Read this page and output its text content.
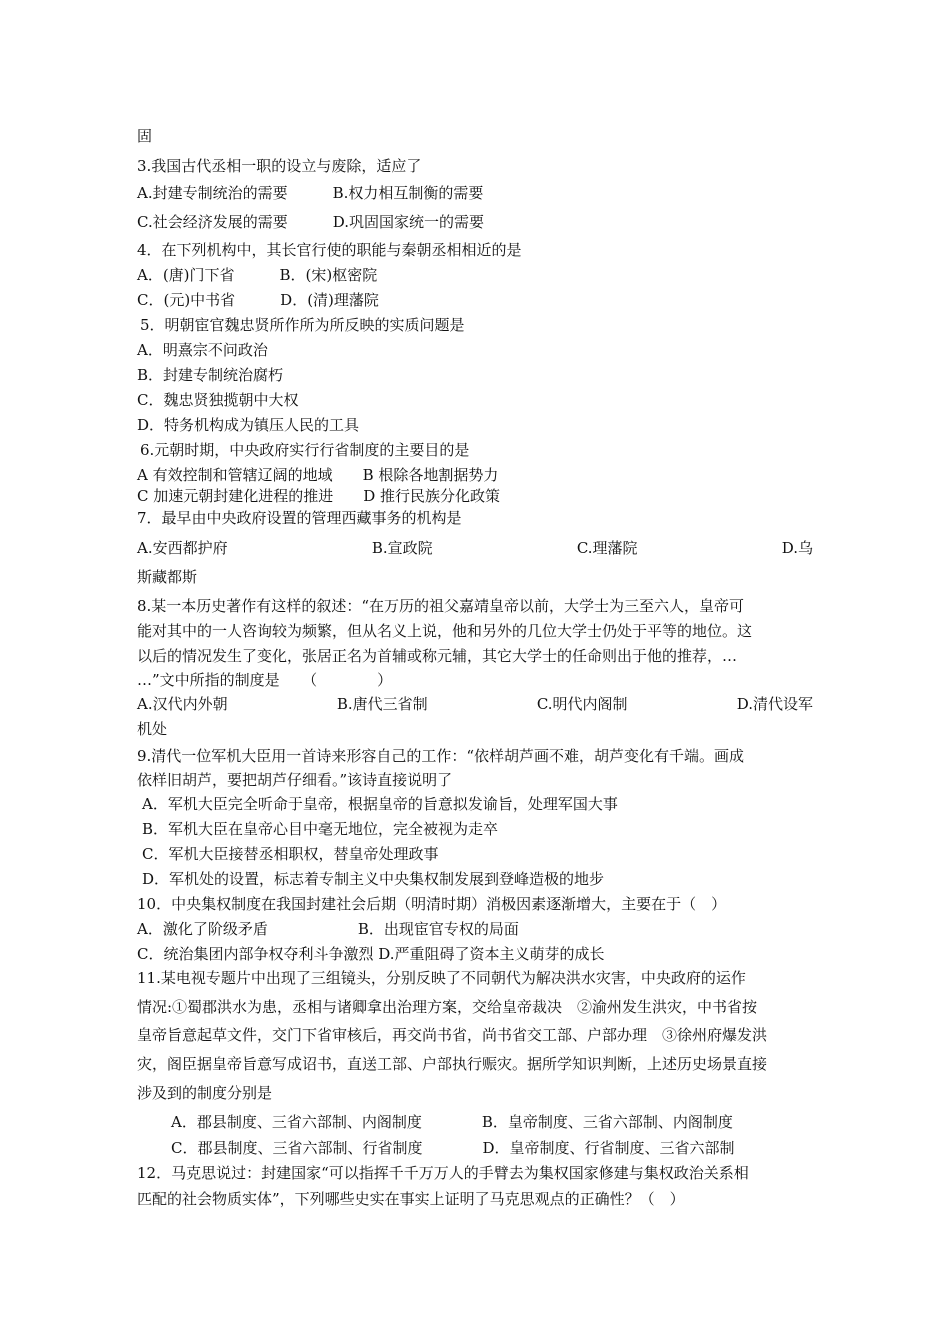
固
3.我国古代丞相一职的设立与废除，适应了
A.封建专制统治的需要　　　B.权力相互制衡的需要
C.社会经济发展的需要　　　D.巩固国家统一的需要
4．在下列机构中，其长官行使的职能与秦朝丞相相近的是
A．(唐)门下省　　　B．(宋)枢密院
C．(元)中书省　　　D．(清)理藩院
5．明朝宦官魏忠贤所作所为所反映的实质问题是
A．明熹宗不问政治
B．封建专制统治腐朽
C．魏忠贤独揽朝中大权
D．特务机构成为镇压人民的工具
6.元朝时期，中央政府实行行省制度的主要目的是
A 有效控制和管辖辽阔的地域　　B 根除各地割据势力
C 加速元朝封建化进程的推进　　D 推行民族分化政策
7．最早由中央政府设置的管理西藏事务的机构是
A.安西都护府	B.宣政院	C.理藩院	D.乌
斯藏都斯
8.某一本历史著作有这样的叙述：“在万历的祖父嘉靖皇帝以前，大学士为三至六人，皇帝可
能对其中的一人咨询较为频繁，但从名义上说，他和另外的几位大学士仍处于平等的地位。这
以后的情况发生了变化，张居正名为首辅或称元辅，其它大学士的任命则出于他的推荐，…
…”文中所指的制度是　　（　　　　）
A.汉代内外朝	B.唐代三省制	C.明代内阁制	D.清代设军
机处
9.清代一位军机大臣用一首诗来形容自己的工作：“依样胡芦画不难，胡芦变化有千端。画成
依样旧胡芦，要把胡芦仔细看。”该诗直接说明了
A．军机大臣完全听命于皇帝，根据皇帝的旨意拟发谕旨，处理军国大事
B．军机大臣在皇帝心目中毫无地位，完全被视为走卒
C．军机大臣接替丞相职权，替皇帝处理政事
D．军机处的设置，标志着专制主义中央集权制发展到登峰造极的地步
10．中央集权制度在我国封建社会后期（明清时期）消极因素逐渐增大，主要在于（　）
A．激化了阶级矛盾　　　　　　B．出现宦官专权的局面
C．统治集团内部争权夺利斗争激烈 D.严重阻碍了资本主义萌芽的成长
11.某电视专题片中出现了三组镜头，分别反映了不同朝代为解决洪水灾害，中央政府的运作
情况:①蜀郡洪水为患，丞相与诸卿拿出治理方案，交给皇帝裁决　②渝州发生洪灾，中书省按
皇帝旨意起草文件，交门下省审核后，再交尚书省，尚书省交工部、户部办理　③徐州府爆发洪
灾，阁臣据皇帝旨意写成诏书，直送工部、户部执行赈灾。据所学知识判断，上述历史场景直接
涉及到的制度分别是
A．郡县制度、三省六部制、内阁制度　　　　B．皇帝制度、三省六部制、内阁制度
C．郡县制度、三省六部制、行省制度　　　　D．皇帝制度、行省制度、三省六部制
12．马克思说过：封建国家“可以指挥千千万万人的手臂去为集权国家修建与集权政治关系相
匹配的社会物质实体”，下列哪些史实在事实上证明了马克思观点的正确性？（　）
